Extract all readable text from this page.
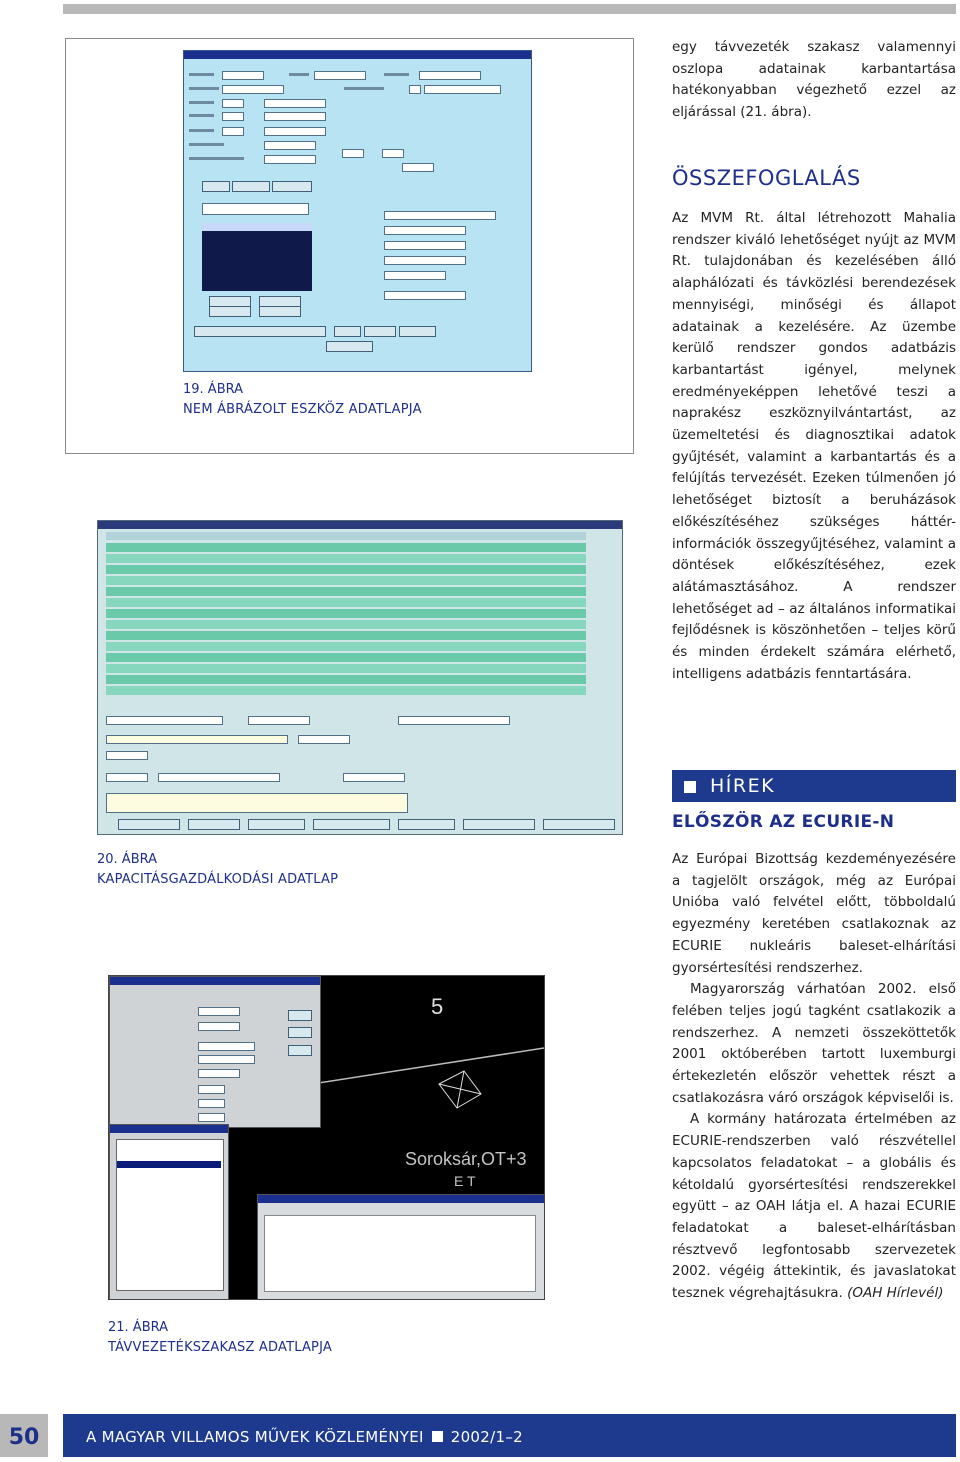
19. ÁBRA
NEM ÁBRÁZOLT ESZKÖZ ADATLAPJA
20. ÁBRA
KAPACITÁSGAZDÁLKODÁSI ADATLAP
5
Soroksár,OT+3
E T
21. ÁBRA
TÁVVEZETÉKSZAKASZ ADATLAPJA

egy távvezeték szakasz valamennyi oszlopa adatainak karbantartása hatékonyabban végezhető ezzel az eljárással (21. ábra).

ÖSSZEFOGLALÁS

Az MVM Rt. által létrehozott Mahalia rendszer kiváló lehetőséget nyújt az MVM Rt. tulajdonában és kezelésében álló alaphálózati és távközlési berendezések mennyiségi, minőségi és állapot adatainak a kezelésére. Az üzembe kerülő rendszer gondos adatbázis karbantartást igényel, melynek eredményeképpen lehetővé teszi a naprakész eszköznyilvántartást, az üzemeltetési és diagnosztikai adatok gyűjtését, valamint a karbantartás és a felújítás tervezését. Ezeken túlmenően jó lehetőséget biztosít a beruházások előkészítéséhez szükséges háttér-információk összegyűjtéséhez, valamint a döntések előkészítéséhez, ezek alátámasztásához. A rendszer lehetőséget ad – az általános informatikai fejlődésnek is köszönhetően – teljes körű és minden érdekelt számára elérhető, intelligens adatbázis fenntartására.

HÍREK
ELŐSZÖR AZ ECURIE-N

Az Európai Bizottság kezdeményezésére a tagjelölt országok, még az Európai Unióba való felvétel előtt, többoldalú egyezmény keretében csatlakoznak az ECURIE nukleáris baleset-elhárítási gyorsértesítési rendszerhez.

Magyarország várhatóan 2002. első felében teljes jogú tagként csatlakozik a rendszerhez. A nemzeti összeköttetők 2001 októberében tartott luxemburgi értekezletén először vehettek részt a csatlakozásra váró országok képviselői is.

A kormány határozata értelmében az ECURIE-rendszerben való részvétellel kapcsolatos feladatokat – a globális és kétoldalú gyorsértesítési rendszerekkel együtt – az OAH látja el. A hazai ECURIE feladatokat a baleset-elhárításban résztvevő legfontosabb szervezetek 2002. végéig áttekintik, és javaslatokat tesznek végrehajtásukra. (OAH Hírlevél)

50	A MAGYAR VILLAMOS MŰVEK KÖZLEMÉNYEI 2002/1–2
